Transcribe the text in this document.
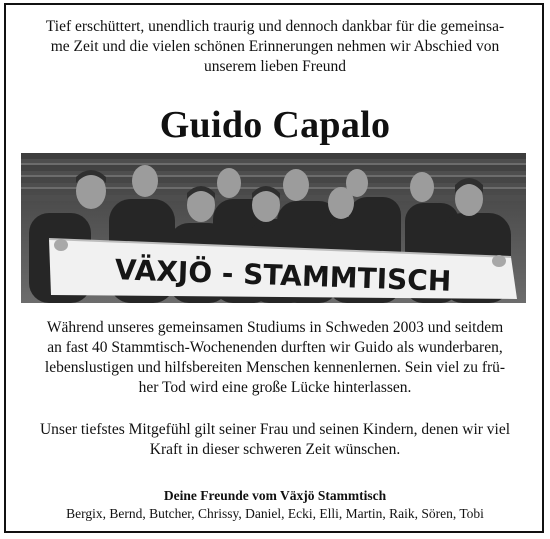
Tief erschüttert, unendlich traurig und dennoch dankbar für die gemeinsa-
me Zeit und die vielen schönen Erinnerungen nehmen wir Abschied von
unserem lieben Freund
Guido Capalo
VÄXJÖ - STAMMTISCH
Während unseres gemeinsamen Studiums in Schweden 2003 und seitdem
an fast 40 Stammtisch-Wochenenden durften wir Guido als wunderbaren,
lebenslustigen und hilfsbereiten Menschen kennenlernen. Sein viel zu frü-
her Tod wird eine große Lücke hinterlassen.
Unser tiefstes Mitgefühl gilt seiner Frau und seinen Kindern, denen wir viel
Kraft in dieser schweren Zeit wünschen.
Deine Freunde vom Växjö Stammtisch
Bergix, Bernd, Butcher, Chrissy, Daniel, Ecki, Elli, Martin, Raik, Sören, Tobi
